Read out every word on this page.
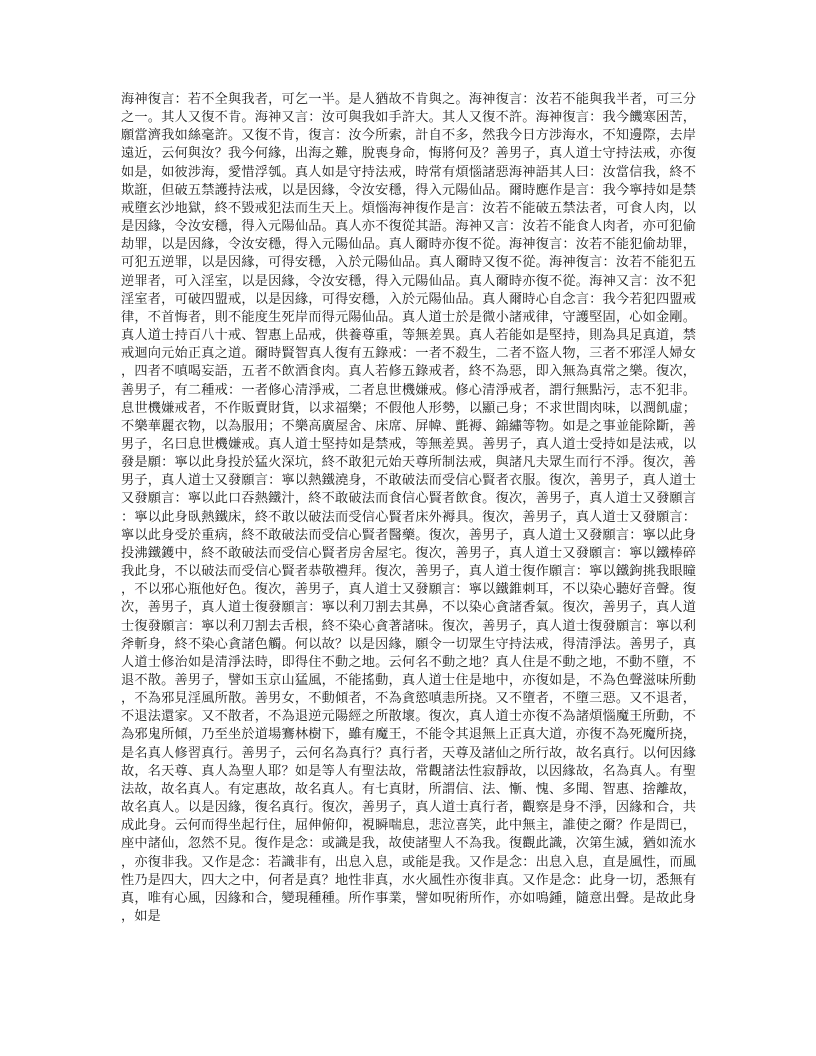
海神復言：若不全與我者，可乞一半。是人猶故不肯與之。海神復言：汝若不能與我半者，可三分之一。其人又復不肯。海神又言：汝可與我如手許大。其人又復不許。海神復言：我今饑寒困苦，願當濟我如絲毫許。又復不肯，復言：汝今所索，計自不多，然我今日方涉海水，不知邊際，去岸遠近，云何與汝？我今何緣，出海之難，脫喪身命，悔將何及？善男子，真人道士守持法戒，亦復如是，如彼涉海，愛惜浮瓠。真人如是守持法戒，時常有煩惱諸惡海神語其人曰：汝當信我，終不欺誑，但破五禁護持法戒，以是因緣，令汝安穩，得入元陽仙品。爾時應作是言：我今寧持如是禁戒墮玄沙地獄，終不毀戒犯法而生天上。煩惱海神復作是言：汝若不能破五禁法者，可食人肉，以是因緣，令汝安穩，得入元陽仙品。真人亦不復從其語。海神又言：汝若不能食人肉者，亦可犯偷劫罪，以是因緣，令汝安穩，得入元陽仙品。真人爾時亦復不從。海神復言：汝若不能犯偷劫罪，可犯五逆罪，以是因緣，可得安穩，入於元陽仙品。真人爾時又復不從。海神復言：汝若不能犯五逆罪者，可入淫室，以是因緣，令汝安穩，得入元陽仙品。真人爾時亦復不從。海神又言：汝不犯淫室者，可破四盟戒，以是因緣，可得安穩，入於元陽仙品。真人爾時心自念言：我今若犯四盟戒律，不首悔者，則不能度生死岸而得元陽仙品。真人道士於是微小諸戒律，守護堅固，心如金剛。真人道士持百八十戒、智惠上品戒，供養尊重，等無差異。真人若能如是堅持，則為具足真道，禁戒迴向元始正真之道。爾時賢智真人復有五錄戒：一者不殺生，二者不盜人物，三者不邪淫人婦女，四者不嗔喝妄語，五者不飲酒食肉。真人若修五錄戒者，終不為惡，即入無為真常之樂。復次，善男子，有二種戒：一者修心清淨戒，二者息世機嫌戒。修心清淨戒者，謂行無點污，志不犯非。息世機嫌戒者，不作販賣財貨，以求福樂；不假他人形勢，以顯己身；不求世間肉味，以潤飢虛；不樂華麗衣物，以為服用；不樂高廣屋舍、床席、屏幃、氈褥、錦繡等物。如是之事並能除斷，善男子，名曰息世機嫌戒。真人道士堅持如是禁戒，等無差異。善男子，真人道士受持如是法戒，以發是願：寧以此身投於猛火深坑，終不敢犯元始天尊所制法戒，與諸凡夫眾生而行不淨。復次，善男子，真人道士又發願言：寧以熱鐵澆身，不敢破法而受信心賢者衣服。復次，善男子，真人道士又發願言：寧以此口吞熱鐵汁，終不敢破法而食信心賢者飲食。復次，善男子，真人道士又發願言：寧以此身臥熱鐵床，終不敢以破法而受信心賢者床外褥具。復次，善男子，真人道士又發願言：寧以此身受於重病，終不敢破法而受信心賢者醫藥。復次，善男子，真人道士又發願言：寧以此身投沸鐵鑊中，終不敢破法而受信心賢者房舍屋宅。復次，善男子，真人道士又發願言：寧以鐵棒碎我此身，不以破法而受信心賢者恭敬禮拜。復次，善男子，真人道士復作願言：寧以鐵鉤挑我眼瞳，不以邪心瓶他好色。復次，善男子，真人道士又發願言：寧以鐵錐刺耳，不以染心聽好音聲。復次，善男子，真人道士復發願言：寧以利刀割去其鼻，不以染心貪諸香氣。復次，善男子，真人道士復發願言：寧以利刀割去舌根，終不染心貪著諸味。復次，善男子，真人道士復發願言：寧以利斧斬身，終不染心貪諸色觸。何以故？以是因緣，願令一切眾生守持法戒，得清淨法。善男子，真人道士修治如是清淨法時，即得住不動之地。云何名不動之地？真人住是不動之地，不動不墮，不退不散。善男子，譬如玉京山猛風，不能搖動，真人道士住是地中，亦復如是，不為色聲滋味所動，不為邪見淫風所散。善男女，不動傾者，不為貪慾嗔恚所挠。又不墮者，不墮三惡。又不退者，不退法還家。又不散者，不為退逆元陽經之所散壞。復次，真人道士亦復不為諸煩惱魔王所動，不為邪鬼所傾，乃至坐於道場鶱林樹下，雖有魔王，不能令其退無上正真大道，亦復不為死魔所挠，是名真人修習真行。善男子，云何名為真行？真行者，天尊及諸仙之所行故，故名真行。以何因緣故，名天尊、真人為聖人耶？如是等人有聖法故，常觀諸法性寂靜故，以因緣故，名為真人。有聖法故，故名真人。有定惠故，故名真人。有七真財，所謂信、法、慚、愧、多聞、智惠、捨離故，故名真人。以是因緣，復名真行。復次，善男子，真人道士真行者，觀察是身不淨，因緣和合，共成此身。云何而得坐起行住，屈伸俯仰，視瞬喘息，悲泣喜笑，此中無主，誰使之爾？作是問已，座中諸仙，忽然不見。復作是念：或識是我，故使諸聖人不為我。復觀此識，次第生滅，猶如流水，亦復非我。又作是念：若識非有，出息入息，或能是我。又作是念：出息入息，直是風性，而風性乃是四大，四大之中，何者是真？地性非真，水火風性亦復非真。又作是念：此身一切，悉無有真，唯有心風，因緣和合，變現種種。所作事業，譬如呪術所作，亦如鳴鍾，隨意出聲。是故此身，如是
